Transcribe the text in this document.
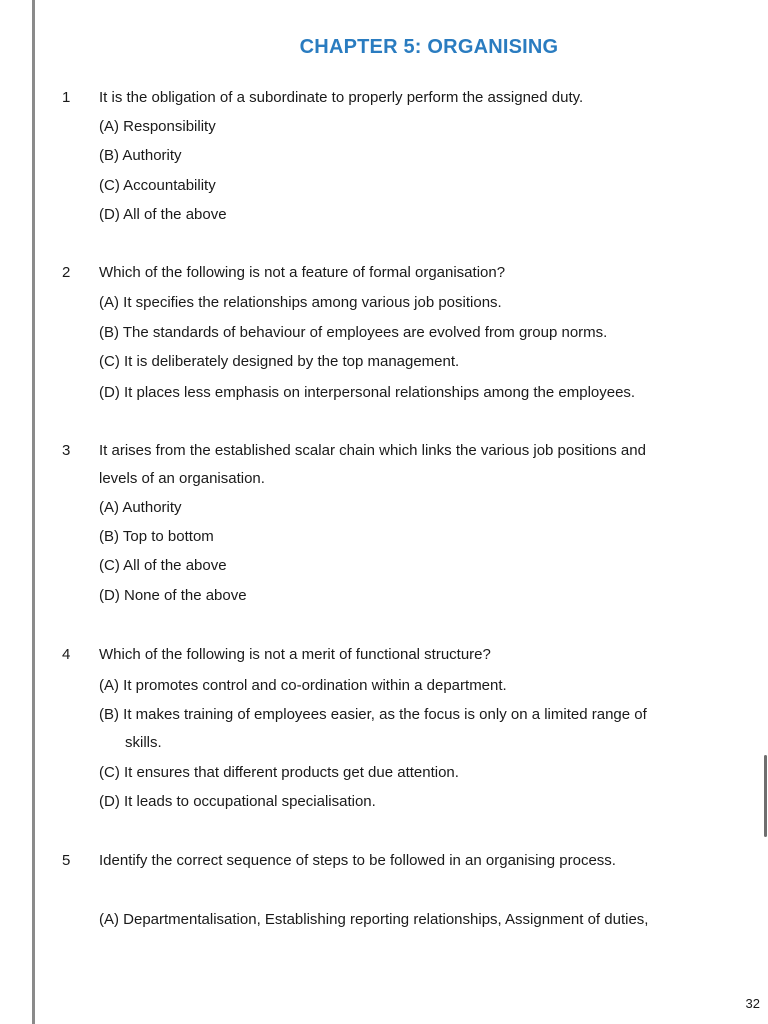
CHAPTER 5: ORGANISING
1 It is the obligation of a subordinate to properly perform the assigned duty.
(A) Responsibility
(B) Authority
(C) Accountability
(D) All of the above
2 Which of the following is not a feature of formal organisation?
(A) It specifies the relationships among various job positions.
(B) The standards of behaviour of employees are evolved from group norms.
(C) It is deliberately designed by the top management.
(D) It places less emphasis on interpersonal relationships among the employees.
3 It arises from the established scalar chain which links the various job positions and
levels of an organisation.
(A) Authority
(B) Top to bottom
(C) All of the above
(D) None of the above
4 Which of the following is not a merit of functional structure?
(A) It promotes control and co-ordination within a department.
(B) It makes training of employees easier, as the focus is only on a limited range of
skills.
(C) It ensures that different products get due attention.
(D) It leads to occupational specialisation.
5 Identify the correct sequence of steps to be followed in an organising process.
(A) Departmentalisation, Establishing reporting relationships, Assignment of duties,
32
